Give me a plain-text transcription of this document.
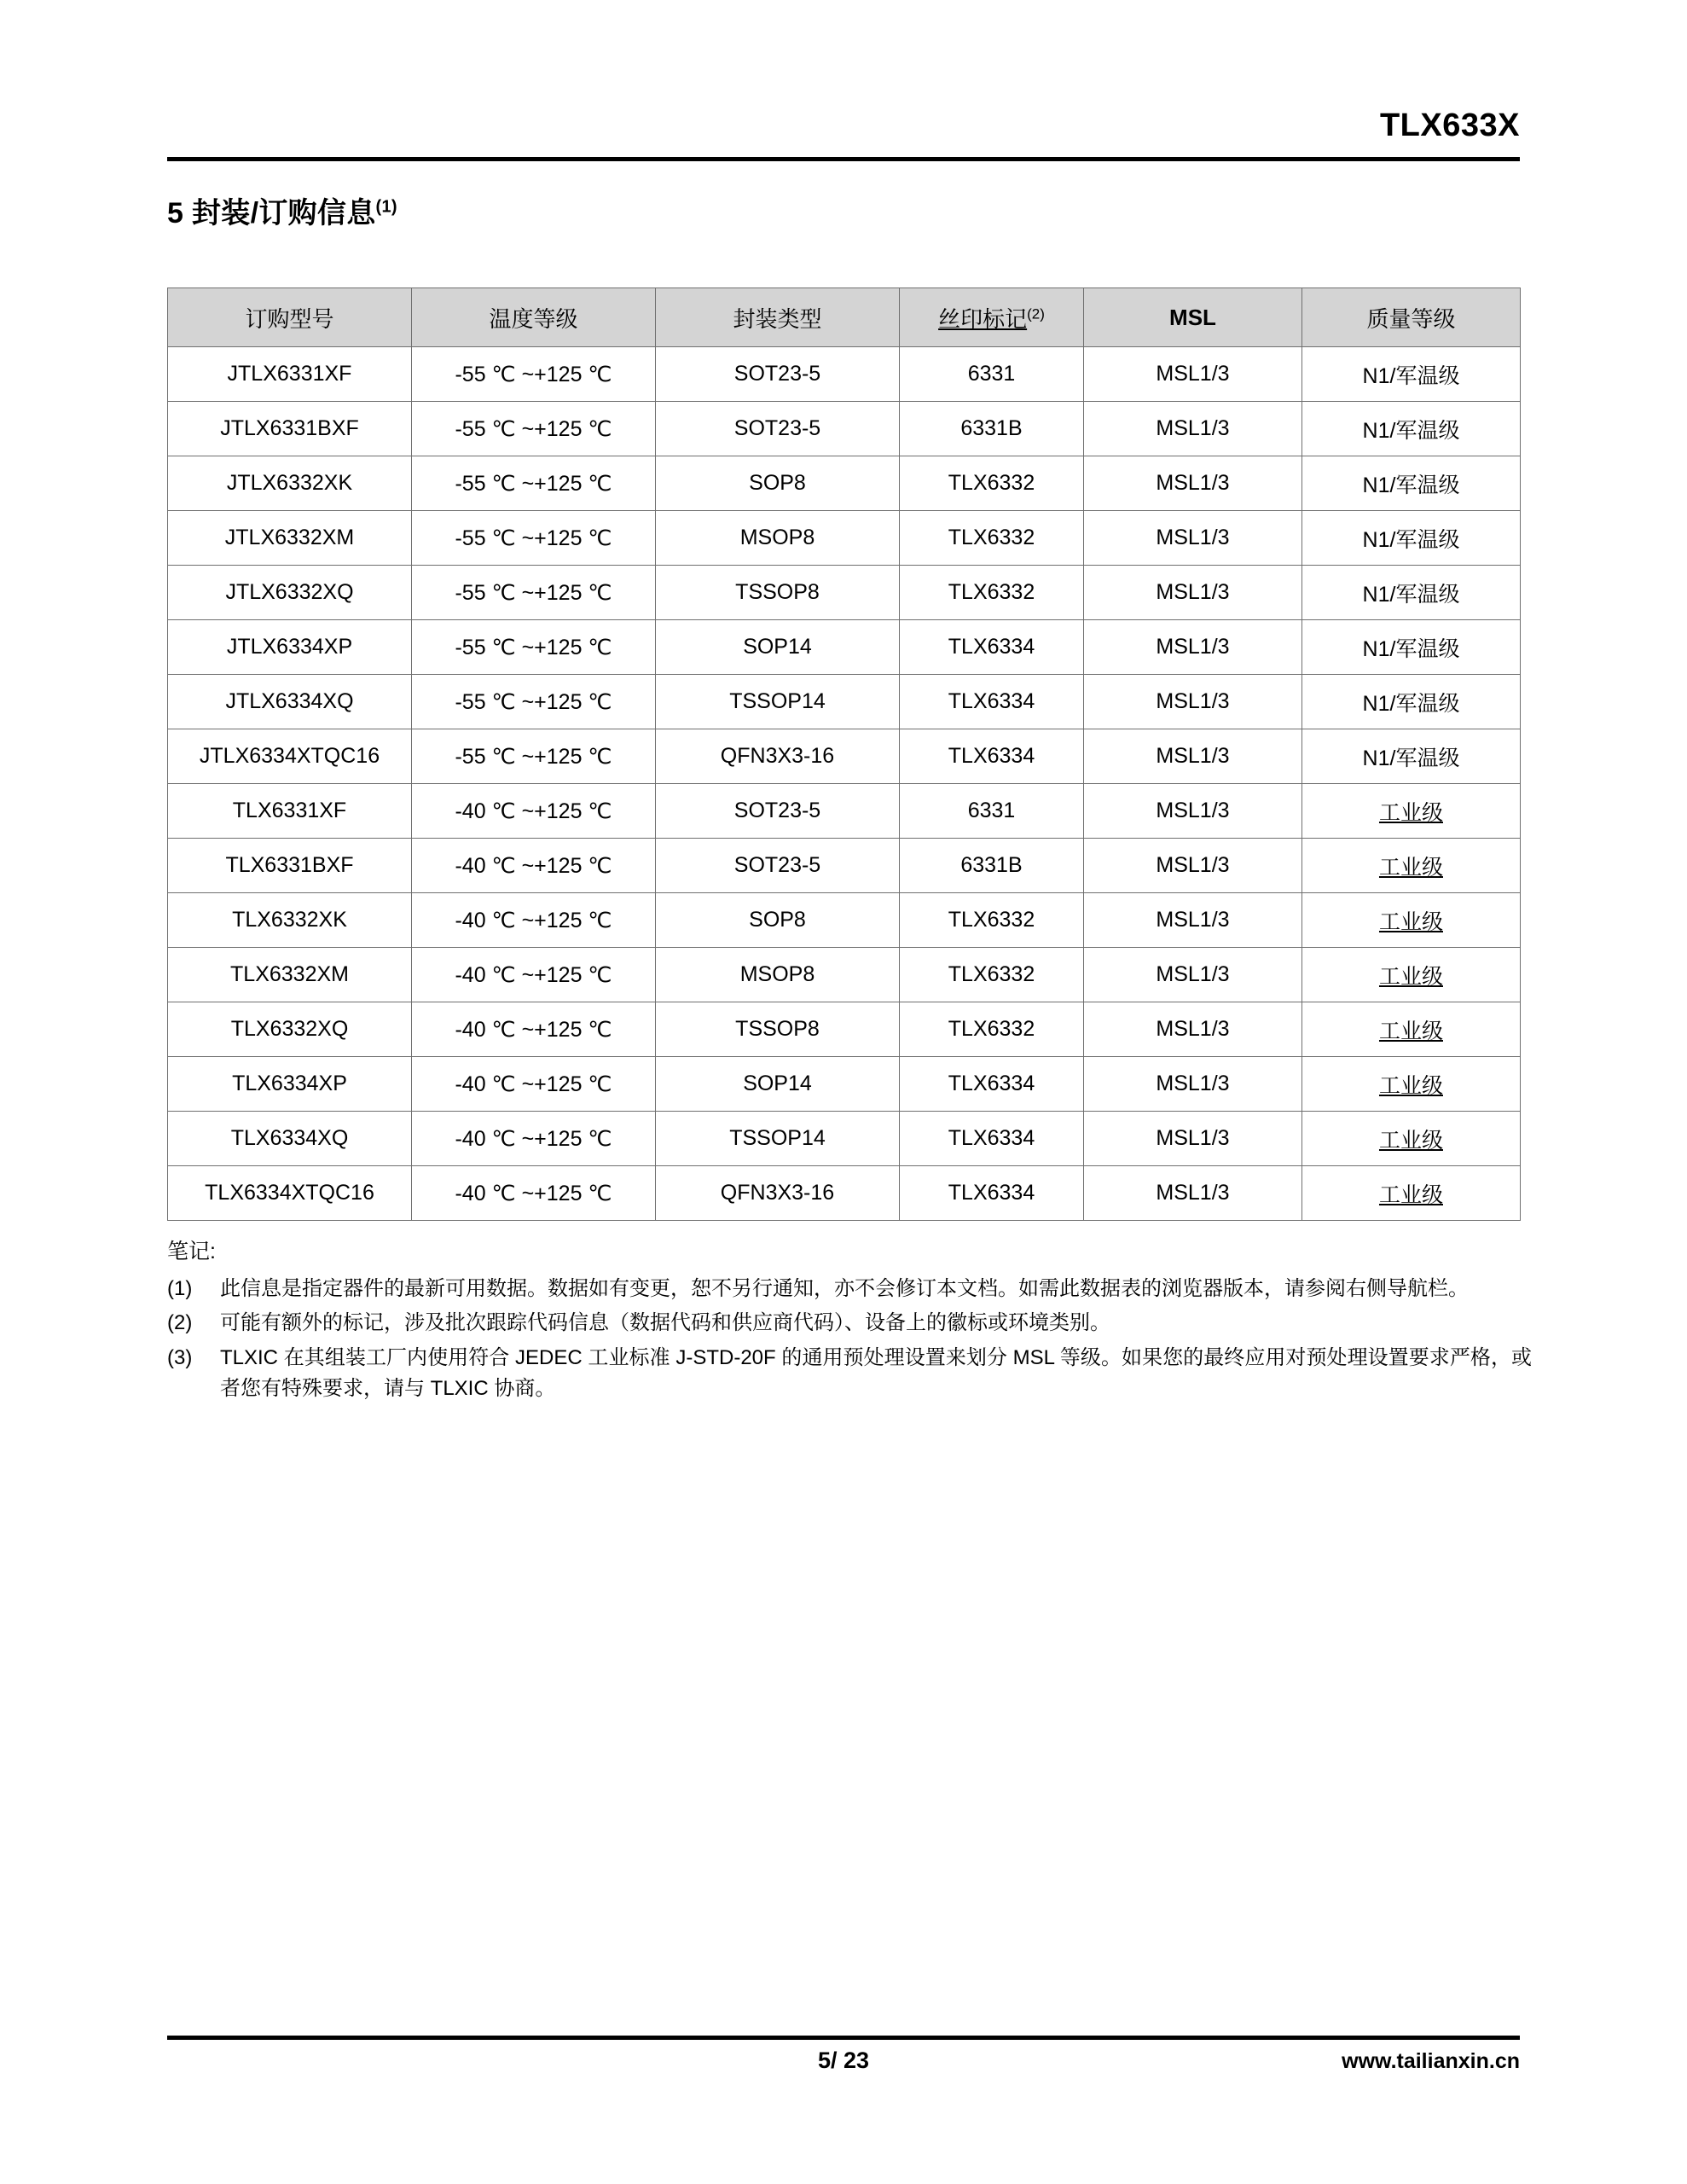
TLX633X
5 封装/订购信息$^{(1)}$
订购型号	温度等级	封装类型	丝印标记$^{(2)}$	MSL	质量等级
JTLX6331XF	-55 ℃ ~+125 ℃	SOT23-5	6331	MSL1/3	N1/军温级
JTLX6331BXF	-55 ℃ ~+125 ℃	SOT23-5	6331B	MSL1/3	N1/军温级
JTLX6332XK	-55 ℃ ~+125 ℃	SOP8	TLX6332	MSL1/3	N1/军温级
JTLX6332XM	-55 ℃ ~+125 ℃	MSOP8	TLX6332	MSL1/3	N1/军温级
JTLX6332XQ	-55 ℃ ~+125 ℃	TSSOP8	TLX6332	MSL1/3	N1/军温级
JTLX6334XP	-55 ℃ ~+125 ℃	SOP14	TLX6334	MSL1/3	N1/军温级
JTLX6334XQ	-55 ℃ ~+125 ℃	TSSOP14	TLX6334	MSL1/3	N1/军温级
JTLX6334XTQC16	-55 ℃ ~+125 ℃	QFN3X3-16	TLX6334	MSL1/3	N1/军温级
TLX6331XF	-40 ℃ ~+125 ℃	SOT23-5	6331	MSL1/3	工业级
TLX6331BXF	-40 ℃ ~+125 ℃	SOT23-5	6331B	MSL1/3	工业级
TLX6332XK	-40 ℃ ~+125 ℃	SOP8	TLX6332	MSL1/3	工业级
TLX6332XM	-40 ℃ ~+125 ℃	MSOP8	TLX6332	MSL1/3	工业级
TLX6332XQ	-40 ℃ ~+125 ℃	TSSOP8	TLX6332	MSL1/3	工业级
TLX6334XP	-40 ℃ ~+125 ℃	SOP14	TLX6334	MSL1/3	工业级
TLX6334XQ	-40 ℃ ~+125 ℃	TSSOP14	TLX6334	MSL1/3	工业级
TLX6334XTQC16	-40 ℃ ~+125 ℃	QFN3X3-16	TLX6334	MSL1/3	工业级
笔记:
(1)	此信息是指定器件的最新可用数据。数据如有变更，恕不另行通知，亦不会修订本文档。如需此数据表的浏览器版本，请参阅右侧导航栏。
(2)	可能有额外的标记，涉及批次跟踪代码信息（数据代码和供应商代码）、设备上的徽标或环境类别。
(3)	TLXIC 在其组装工厂内使用符合 JEDEC 工业标准 J-STD-20F 的通用预处理设置来划分 MSL 等级。如果您的最终应用对预处理设置要求严格，或者您有特殊要求，请与 TLXIC 协商。
5/ 23	www.tailianxin.cn
